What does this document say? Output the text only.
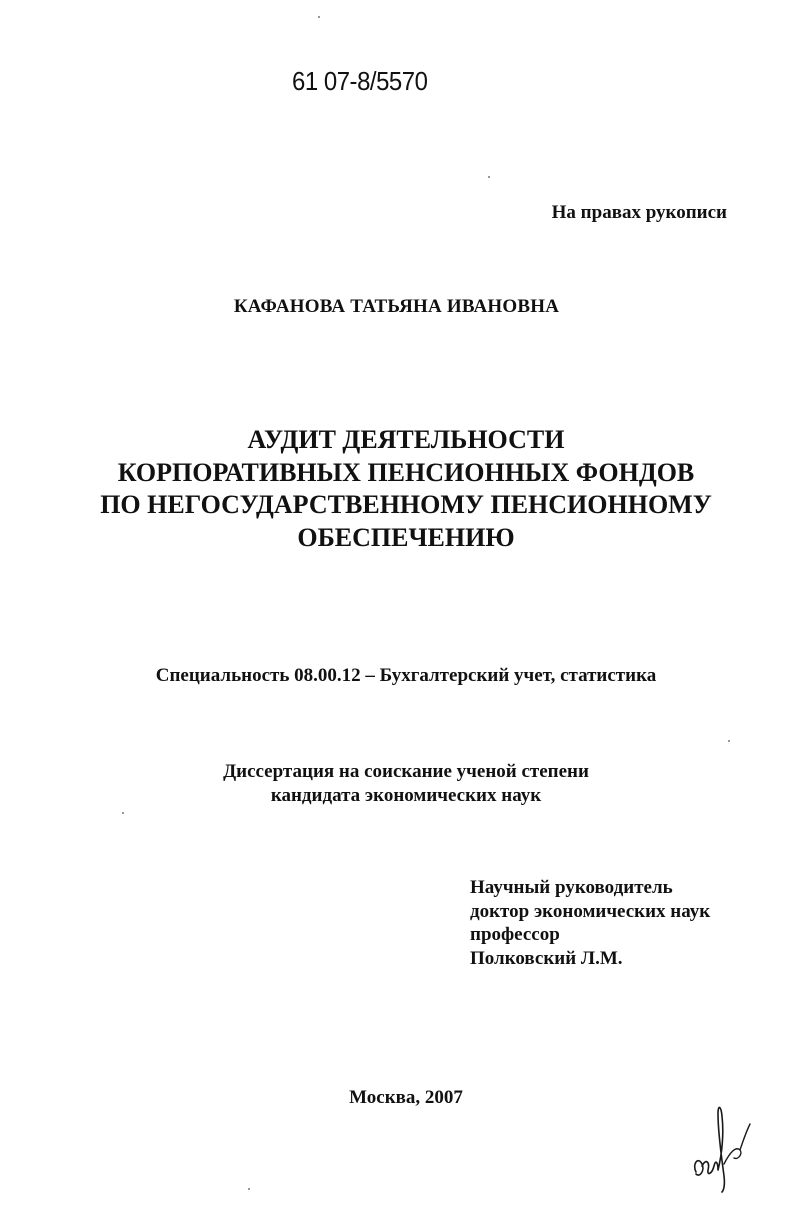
61 07-8/5570
На правах рукописи
КАФАНОВА ТАТЬЯНА ИВАНОВНА
АУДИТ ДЕЯТЕЛЬНОСТИ
КОРПОРАТИВНЫХ ПЕНСИОННЫХ ФОНДОВ
ПО НЕГОСУДАРСТВЕННОМУ ПЕНСИОННОМУ
ОБЕСПЕЧЕНИЮ
Специальность 08.00.12 – Бухгалтерский учет, статистика
Диссертация на соискание ученой степени
кандидата экономических наук
Научный руководитель
доктор экономических наук
профессор
Полковский Л.М.
Москва, 2007
